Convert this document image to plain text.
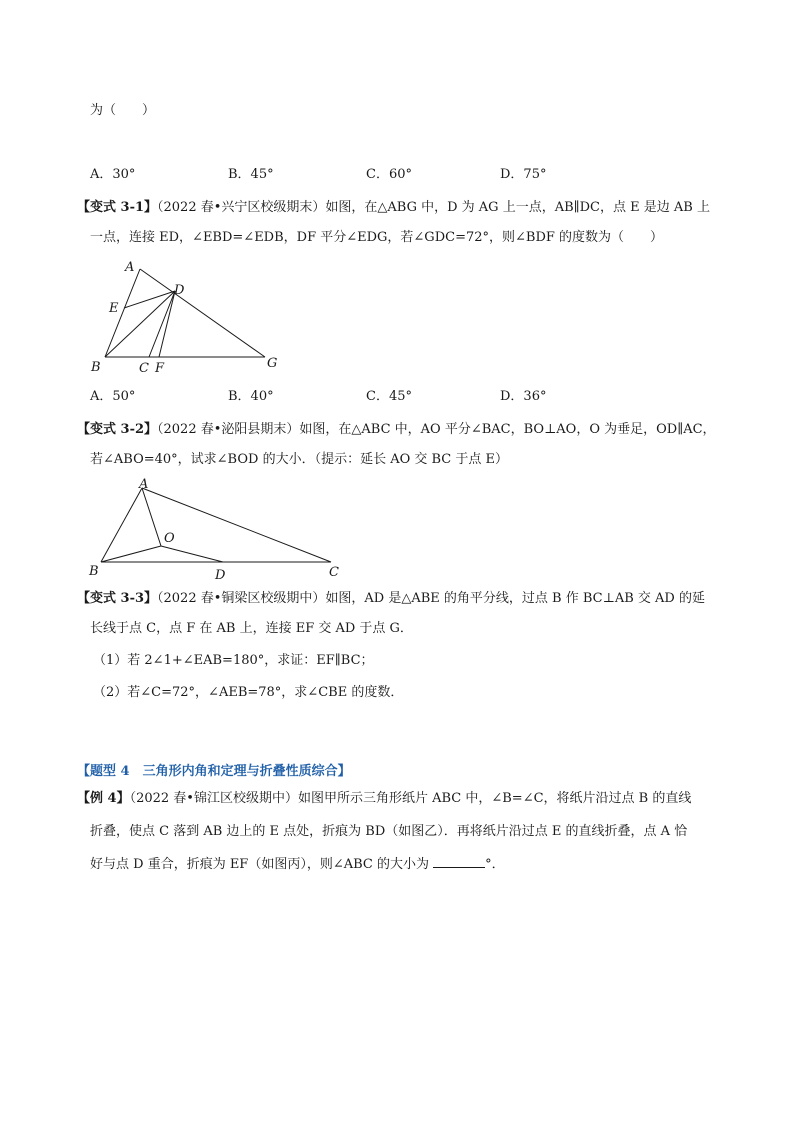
为（　　）
A．30°	B．45°	C．60°	D．75°
【变式 3-1】（2022 春•兴宁区校级期末）如图，在△ABG 中，D 为 AG 上一点，AB∥DC，点 E 是边 AB 上
一点，连接 ED，∠EBD=∠EDB，DF 平分∠EDG，若∠GDC=72°，则∠BDF 的度数为（　　）
A
E
D
B	C F	G
A．50°	B．40°	C．45°	D．36°
【变式 3-2】（2022 春•泌阳县期末）如图，在△ABC 中，AO 平分∠BAC，BO⊥AO，O 为垂足，OD∥AC，
若∠ABO=40°，试求∠BOD 的大小．（提示：延长 AO 交 BC 于点 E）
A
O
B	D	C
【变式 3-3】（2022 春•铜梁区校级期中）如图，AD 是△ABE 的角平分线，过点 B 作 BC⊥AB 交 AD 的延
长线于点 C，点 F 在 AB 上，连接 EF 交 AD 于点 G．
（1）若 2∠1+∠EAB=180°，求证：EF∥BC；
（2）若∠C=72°，∠AEB=78°，求∠CBE 的度数．
【题型 4　三角形内角和定理与折叠性质综合】
【例 4】（2022 春•锦江区校级期中）如图甲所示三角形纸片 ABC 中，∠B=∠C，将纸片沿过点 B 的直线
折叠，使点 C 落到 AB 边上的 E 点处，折痕为 BD（如图乙）．再将纸片沿过点 E 的直线折叠，点 A 恰
好与点 D 重合，折痕为 EF（如图丙），则∠ABC 的大小为	°．
